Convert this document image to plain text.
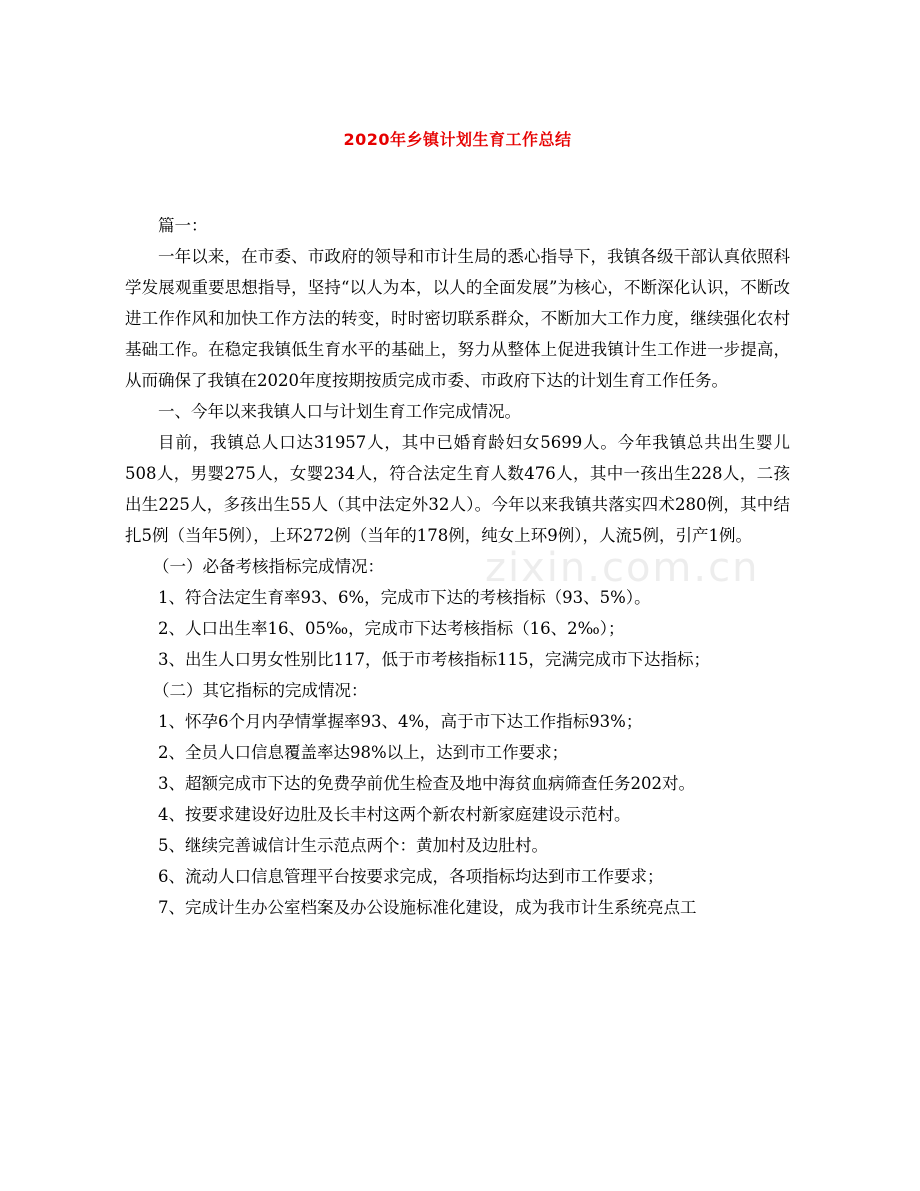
2020年乡镇计划生育工作总结

篇一：

一年以来，在市委、市政府的领导和市计生局的悉心指导下，我镇各级干部认真依照科学发展观重要思想指导，坚持“以人为本，以人的全面发展”为核心，不断深化认识，不断改进工作作风和加快工作方法的转变，时时密切联系群众，不断加大工作力度，继续强化农村基础工作。在稳定我镇低生育水平的基础上，努力从整体上促进我镇计生工作进一步提高，从而确保了我镇在2020年度按期按质完成市委、市政府下达的计划生育工作任务。

一、今年以来我镇人口与计划生育工作完成情况。

目前，我镇总人口达31957人，其中已婚育龄妇女5699人。今年我镇总共出生婴儿508人，男婴275人，女婴234人，符合法定生育人数476人，其中一孩出生228人，二孩出生225人，多孩出生55人（其中法定外32人）。今年以来我镇共落实四术280例，其中结扎5例（当年5例），上环272例（当年的178例，纯女上环9例），人流5例，引产1例。

（一）必备考核指标完成情况：

1、符合法定生育率93、6%，完成市下达的考核指标（93、5%）。

2、人口出生率16、05‰，完成市下达考核指标（16、2‰）；

3、出生人口男女性别比117，低于市考核指标115，完满完成市下达指标；

（二）其它指标的完成情况：

1、怀孕6个月内孕情掌握率93、4%，高于市下达工作指标93%；

2、全员人口信息覆盖率达98%以上，达到市工作要求；

3、超额完成市下达的免费孕前优生检查及地中海贫血病筛查任务202对。

4、按要求建设好边肚及长丰村这两个新农村新家庭建设示范村。

5、继续完善诚信计生示范点两个：黄加村及边肚村。

6、流动人口信息管理平台按要求完成，各项指标均达到市工作要求；

7、完成计生办公室档案及办公设施标准化建设，成为我市计生系统亮点工

zixin.com.cn
